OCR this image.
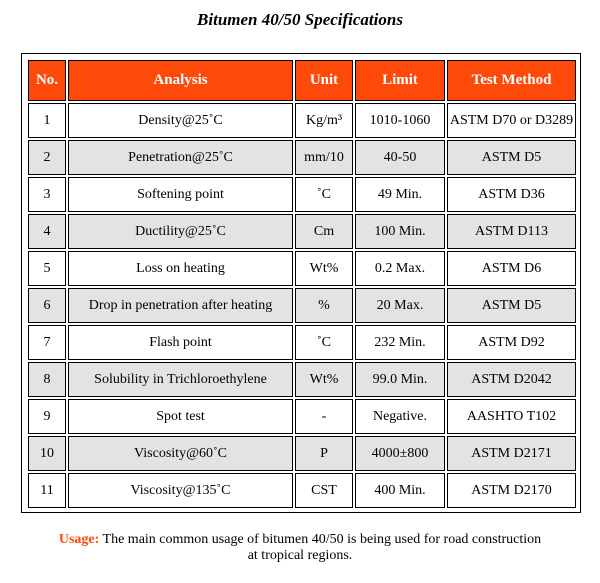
Bitumen 40/50 Specifications
No.	Analysis	Unit	Limit	Test Method
1	Density@25˚C	Kg/m³	1010-1060	ASTM D70 or D3289
2	Penetration@25˚C	mm/10	40-50	ASTM D5
3	Softening point	˚C	49 Min.	ASTM D36
4	Ductility@25˚C	Cm	100 Min.	ASTM D113
5	Loss on heating	Wt%	0.2 Max.	ASTM D6
6	Drop in penetration after heating	%	20 Max.	ASTM D5
7	Flash point	˚C	232 Min.	ASTM D92
8	Solubility in Trichloroethylene	Wt%	99.0 Min.	ASTM D2042
9	Spot test	-	Negative.	AASHTO T102
10	Viscosity@60˚C	P	4000±800	ASTM D2171
11	Viscosity@135˚C	CST	400 Min.	ASTM D2170
Usage: The main common usage of bitumen 40/50 is being used for road construction
at tropical regions.
